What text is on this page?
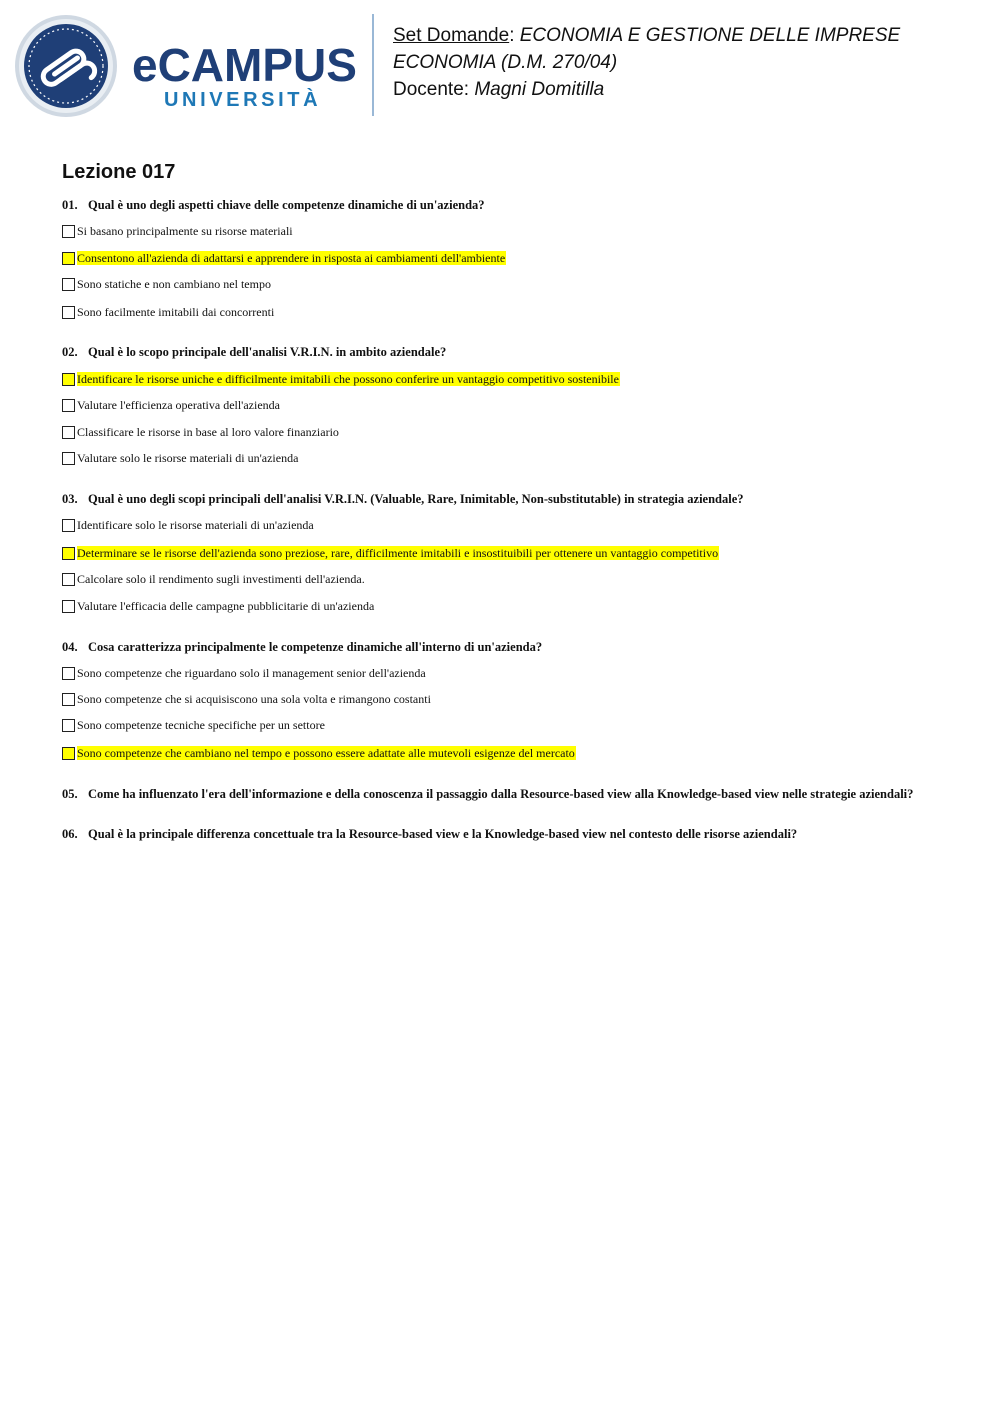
eCAMPUS
UNIVERSITÀ
Set Domande: ECONOMIA E GESTIONE DELLE IMPRESE
ECONOMIA (D.M. 270/04)
Docente: Magni Domitilla
Lezione 017
01. Qual è uno degli aspetti chiave delle competenze dinamiche di un'azienda?
Si basano principalmente su risorse materiali
Consentono all'azienda di adattarsi e apprendere in risposta ai cambiamenti dell'ambiente
Sono statiche e non cambiano nel tempo
Sono facilmente imitabili dai concorrenti
02. Qual è lo scopo principale dell'analisi V.R.I.N. in ambito aziendale?
Identificare le risorse uniche e difficilmente imitabili che possono conferire un vantaggio competitivo sostenibile
Valutare l'efficienza operativa dell'azienda
Classificare le risorse in base al loro valore finanziario
Valutare solo le risorse materiali di un'azienda
03. Qual è uno degli scopi principali dell'analisi V.R.I.N. (Valuable, Rare, Inimitable, Non-substitutable) in strategia aziendale?
Identificare solo le risorse materiali di un'azienda
Determinare se le risorse dell'azienda sono preziose, rare, difficilmente imitabili e insostituibili per ottenere un vantaggio competitivo
Calcolare solo il rendimento sugli investimenti dell'azienda.
Valutare l'efficacia delle campagne pubblicitarie di un'azienda
04. Cosa caratterizza principalmente le competenze dinamiche all'interno di un'azienda?
Sono competenze che riguardano solo il management senior dell'azienda
Sono competenze che si acquisiscono una sola volta e rimangono costanti
Sono competenze tecniche specifiche per un settore
Sono competenze che cambiano nel tempo e possono essere adattate alle mutevoli esigenze del mercato
05. Come ha influenzato l'era dell'informazione e della conoscenza il passaggio dalla Resource-based view alla Knowledge-based view nelle strategie aziendali?
06. Qual è la principale differenza concettuale tra la Resource-based view e la Knowledge-based view nel contesto delle risorse aziendali?
